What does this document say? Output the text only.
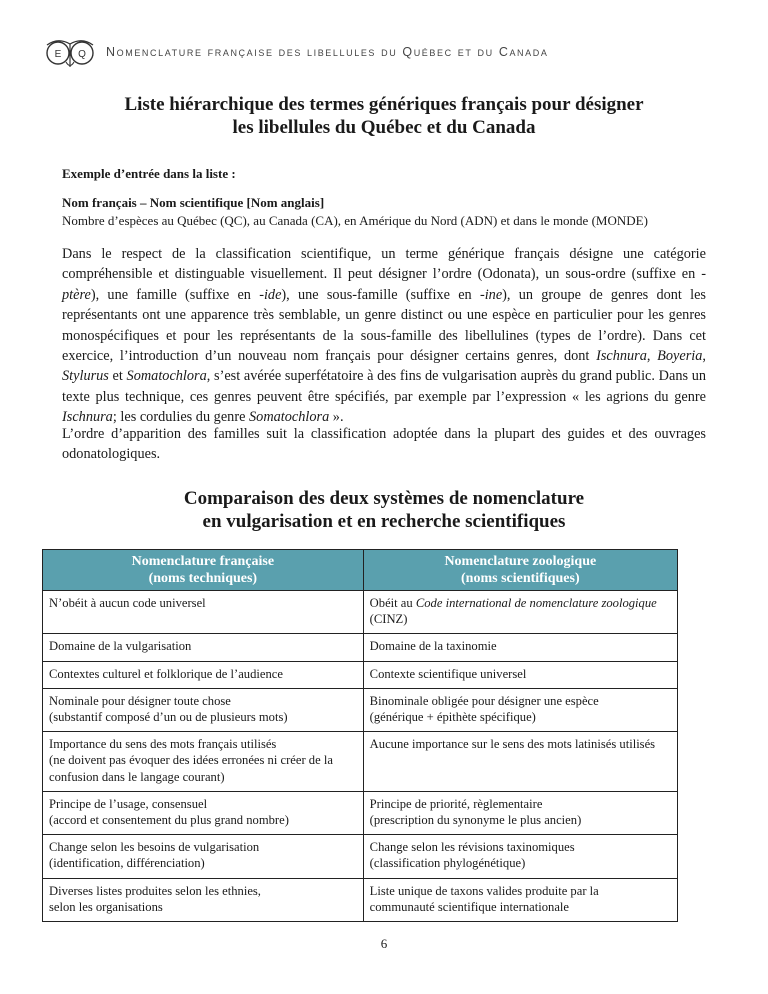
E Q Nomenclature française des libellules du Québec et du Canada
Liste hiérarchique des termes génériques français pour désigner
les libellules du Québec et du Canada
Exemple d’entrée dans la liste :
Nom français – Nom scientifique [Nom anglais]
Nombre d’espèces au Québec (QC), au Canada (CA), en Amérique du Nord (ADN) et dans le monde (MONDE)

Dans le respect de la classification scientifique, un terme générique français désigne une catégorie compréhensible et distinguable visuellement. Il peut désigner l’ordre (Odonata), un sous-ordre (suffixe en -ptère), une famille (suffixe en -ide), une sous-famille (suffixe en -ine), un groupe de genres dont les représentants ont une apparence très semblable, un genre distinct ou une espèce en particulier pour les genres monospécifiques et pour les représentants de la sous-famille des libellulines (types de l’ordre). Dans cet exercice, l’introduction d’un nouveau nom français pour désigner certains genres, dont Ischnura, Boyeria, Stylurus et Somatochlora, s’est avérée superfétatoire à des fins de vulgarisation auprès du grand public. Dans un texte plus technique, ces genres peuvent être spécifiés, par exemple par l’expression « les agrions du genre Ischnura; les cordulies du genre Somatochlora ».

L’ordre d’apparition des familles suit la classification adoptée dans la plupart des guides et des ouvrages odonatologiques.

Comparaison des deux systèmes de nomenclature
en vulgarisation et en recherche scientifiques
Nomenclature française
(noms techniques)	Nomenclature zoologique
(noms scientifiques)

N’obéit à aucun code universel	Obéit au Code international de nomenclature zoologique (CINZ)
Domaine de la vulgarisation	Domaine de la taxinomie
Contextes culturel et folklorique de l’audience	Contexte scientifique universel

Nominale pour désigner toute chose
(substantif composé d’un ou de plusieurs mots)	Binominale obligée pour désigner une espèce
(générique + épithète spécifique)

Importance du sens des mots français utilisés
(ne doivent pas évoquer des idées erronées ni créer de la confusion dans le langage courant)	Aucune importance sur le sens des mots latinisés utilisés

Principe de l’usage, consensuel
(accord et consentement du plus grand nombre)	Principe de priorité, règlementaire
(prescription du synonyme le plus ancien)

Change selon les besoins de vulgarisation
(identification, différenciation)	Change selon les révisions taxinomiques
(classification phylogénétique)

Diverses listes produites selon les ethnies,
selon les organisations	Liste unique de taxons valides produite par la
communauté scientifique internationale
6
